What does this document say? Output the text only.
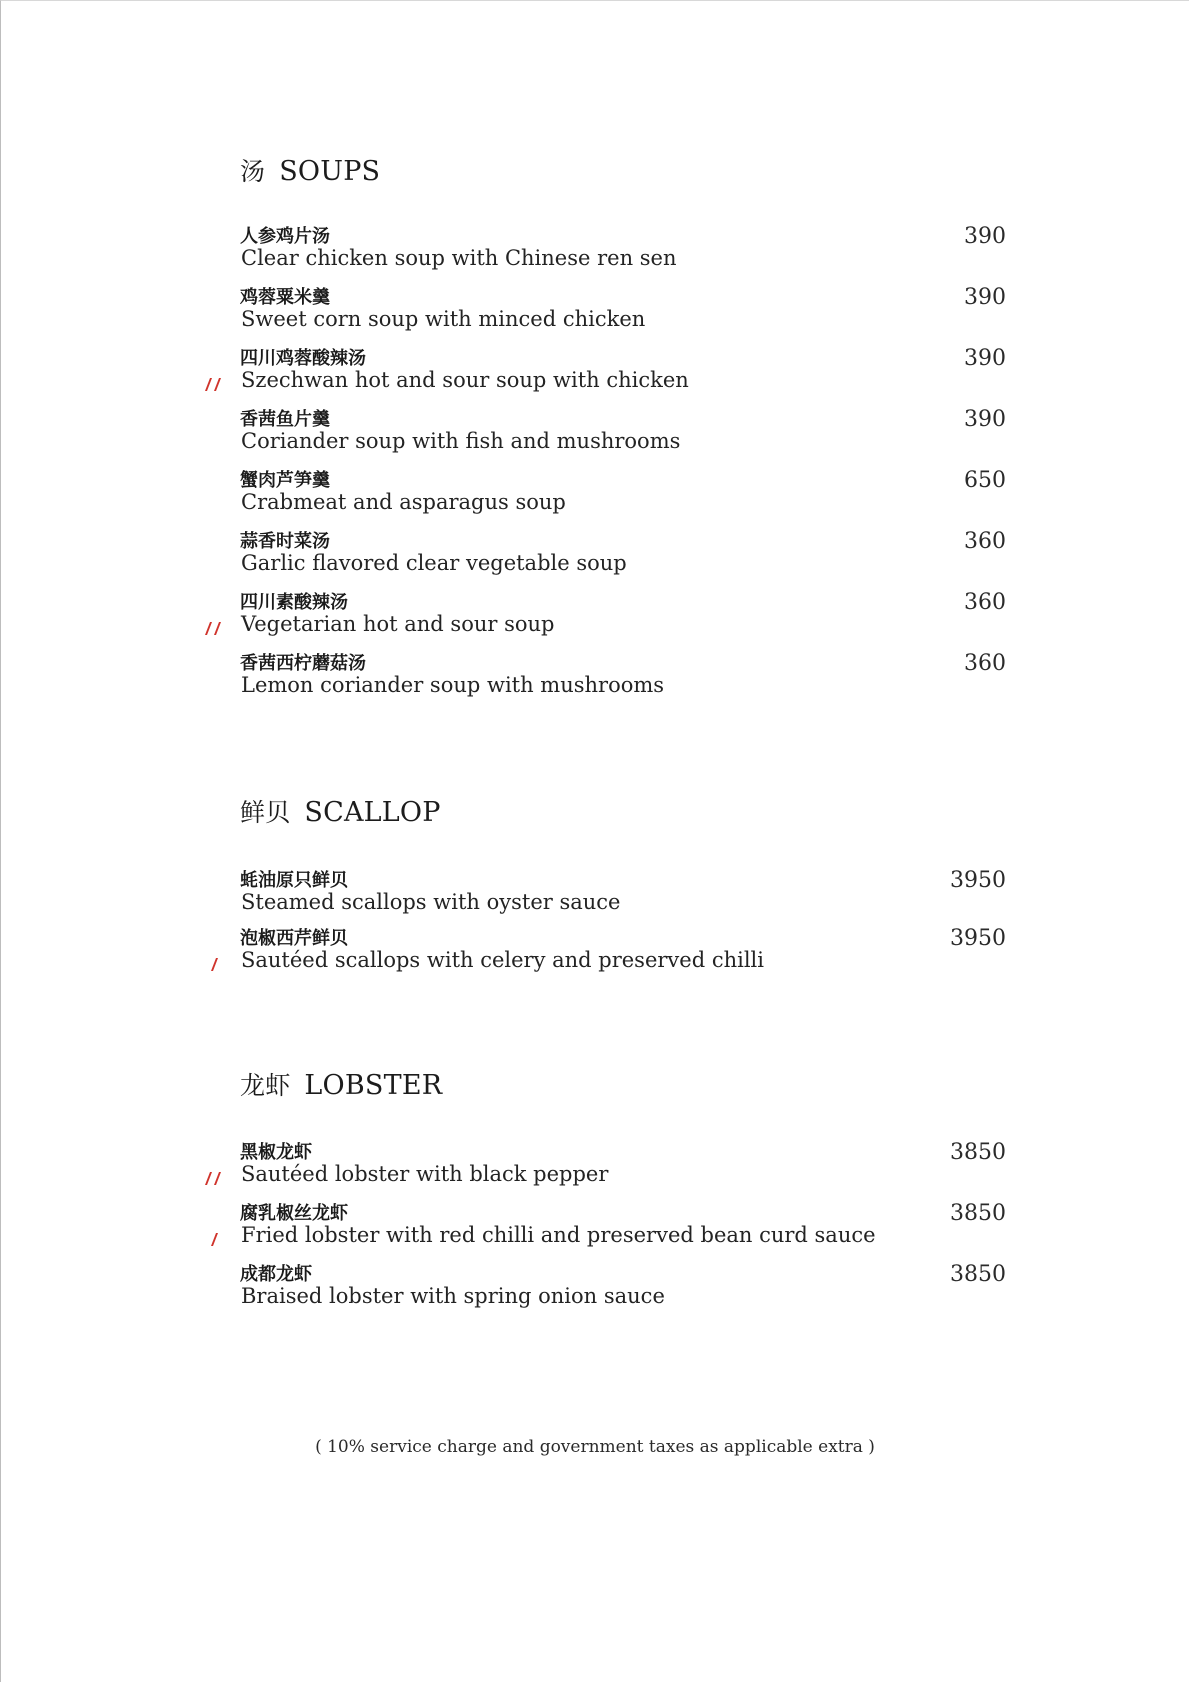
汤 SOUPS
人参鸡片汤
Clear chicken soup with Chinese ren sen
390
鸡蓉粟米羹
Sweet corn soup with minced chicken
390
四川鸡蓉酸辣汤
Szechwan hot and sour soup with chicken
390
香茜鱼片羹
Coriander soup with fish and mushrooms
390
蟹肉芦笋羹
Crabmeat and asparagus soup
650
蒜香时菜汤
Garlic flavored clear vegetable soup
360
四川素酸辣汤
Vegetarian hot and sour soup
360
香茜西柠蘑菇汤
Lemon coriander soup with mushrooms
360
鲜贝 SCALLOP
蚝油原只鲜贝
Steamed scallops with oyster sauce
3950
泡椒西芹鲜贝
Sautéed scallops with celery and preserved chilli
3950
龙虾 LOBSTER
黑椒龙虾
Sautéed lobster with black pepper
3850
腐乳椒丝龙虾
Fried lobster with red chilli and preserved bean curd sauce
3850
成都龙虾
Braised lobster with spring onion sauce
3850
( 10% service charge and government taxes as applicable extra )
